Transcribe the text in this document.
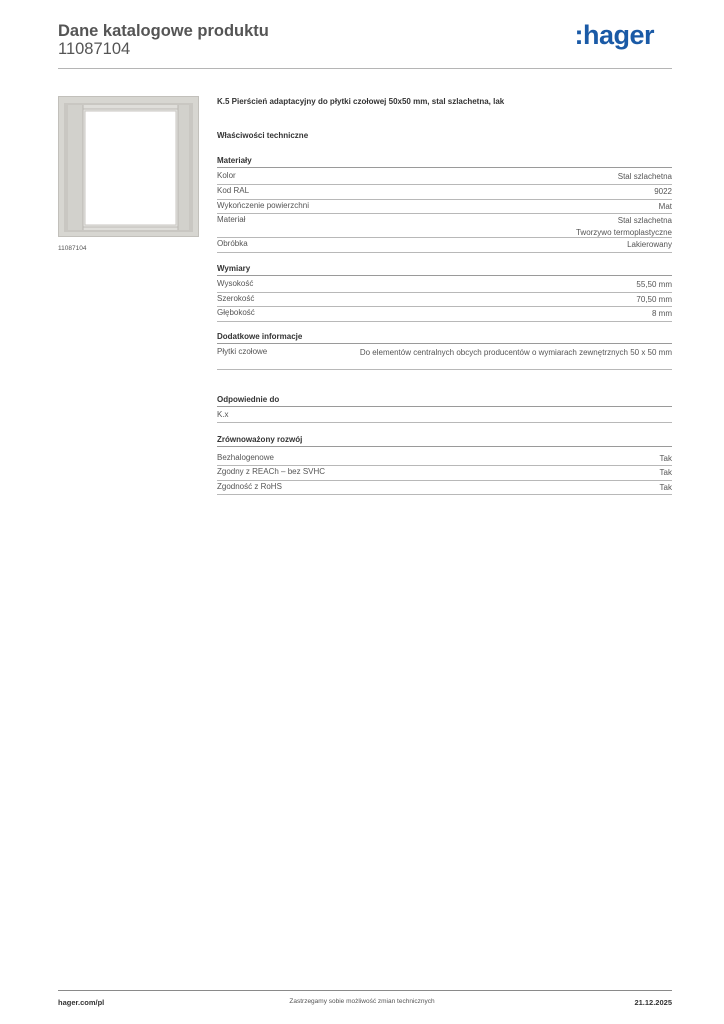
Dane katalogowe produktu
11087104	:hager
11087104
K.5 Pierścień adaptacyjny do płytki czołowej 50x50 mm, stal szlachetna, lak
Właściwości techniczne
Materiały
Kolor	Stal szlachetna
Kod RAL	9022
Wykończenie powierzchni	Mat
Materiał	Stal szlachetna
Tworzywo termoplastyczne
Obróbka	Lakierowany
Wymiary
Wysokość	55,50 mm
Szerokość	70,50 mm
Głębokość	8 mm
Dodatkowe informacje
Płytki czołowe	Do elementów centralnych obcych producentów o wymiarach zewnętrznych 50 x 50 mm
Odpowiednie do
K.x
Zrównoważony rozwój
Bezhalogenowe	Tak
Zgodny z REACh – bez SVHC	Tak
Zgodność z RoHS	Tak
hager.com/pl	Zastrzegamy sobie możliwość zmian technicznych	21.12.2025
